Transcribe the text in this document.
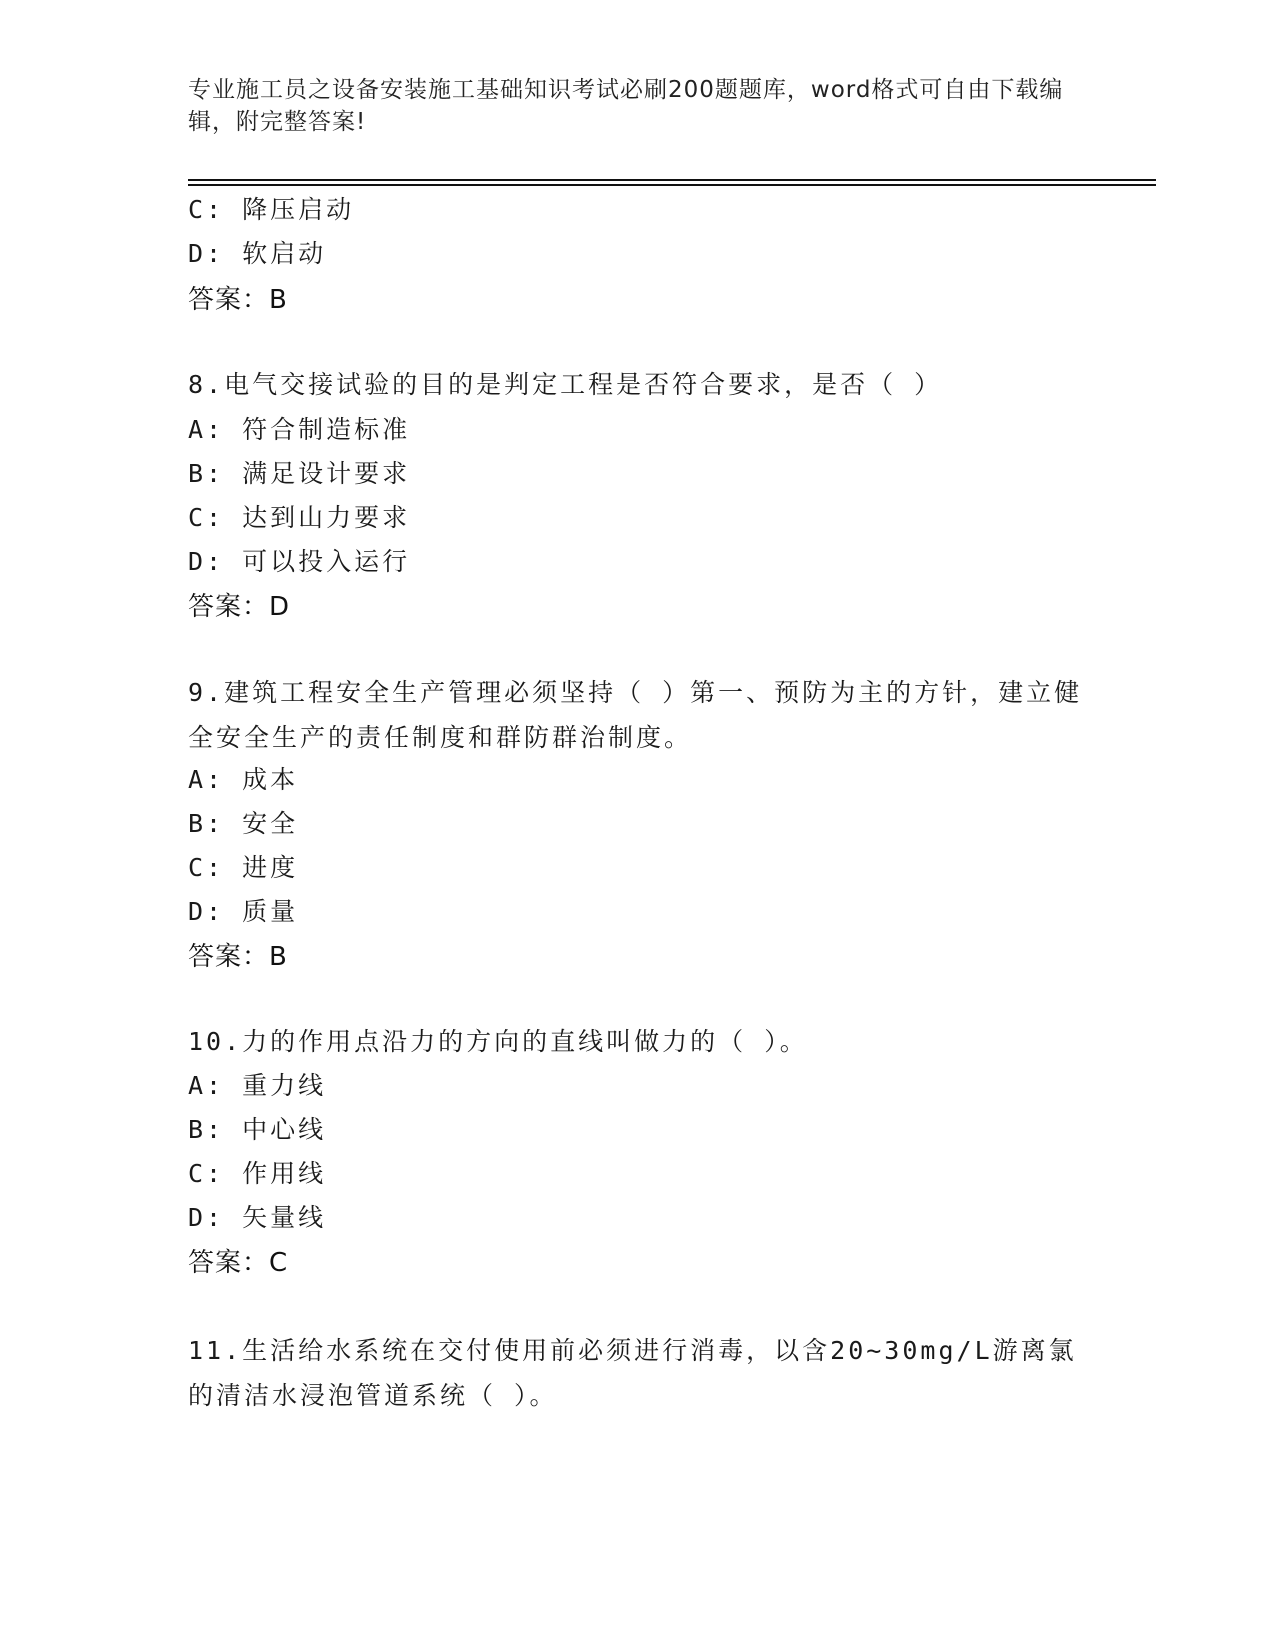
专业施工员之设备安装施工基础知识考试必刷200题题库，word格式可自由下载编辑，附完整答案!
C: 降压启动
D: 软启动
答案：B
8.电气交接试验的目的是判定工程是否符合要求，是否（ ）
A: 符合制造标准
B: 满足设计要求
C: 达到山力要求
D: 可以投入运行
答案：D
9.建筑工程安全生产管理必须坚持（ ）第一、预防为主的方针，建立健全安全生产的责任制度和群防群治制度。
A: 成本
B: 安全
C: 进度
D: 质量
答案：B
10.力的作用点沿力的方向的直线叫做力的（ ）。
A: 重力线
B: 中心线
C: 作用线
D: 矢量线
答案：C
11.生活给水系统在交付使用前必须进行消毒，以含20~30mg/L游离氯的清洁水浸泡管道系统（ ）。
